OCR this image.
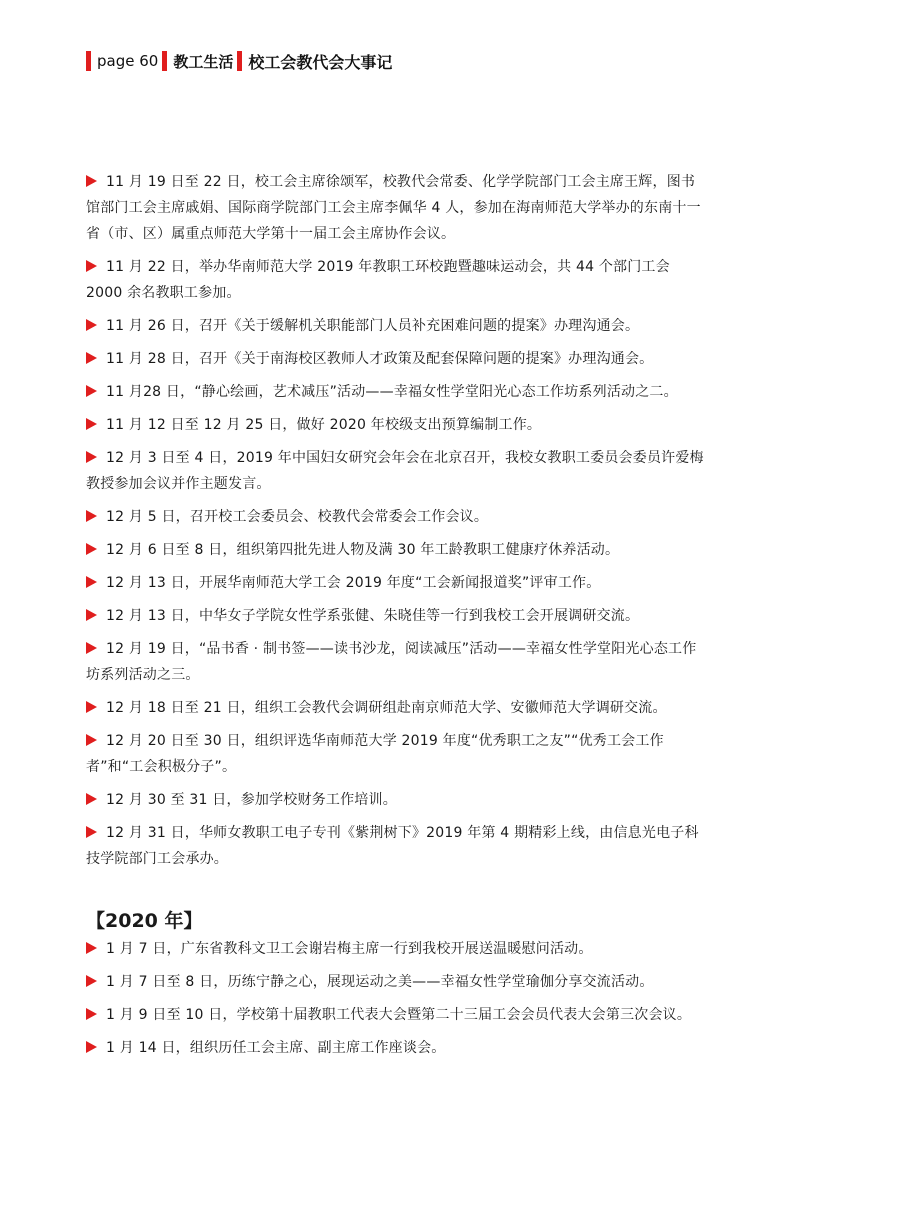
page 60 教工生活 校工会教代会大事记
11 月 19 日至 22 日，校工会主席徐颂军，校教代会常委、化学学院部门工会主席王辉，图书馆部门工会主席戚娟、国际商学院部门工会主席李佩华 4 人，参加在海南师范大学举办的东南十一省（市、区）属重点师范大学第十一届工会主席协作会议。
11 月 22 日，举办华南师范大学 2019 年教职工环校跑暨趣味运动会，共 44 个部门工会 2000 余名教职工参加。
11 月 26 日，召开《关于缓解机关职能部门人员补充困难问题的提案》办理沟通会。
11 月 28 日，召开《关于南海校区教师人才政策及配套保障问题的提案》办理沟通会。
11 月28 日，“静心绘画，艺术减压”活动——幸福女性学堂阳光心态工作坊系列活动之二。
11 月 12 日至 12 月 25 日，做好 2020 年校级支出预算编制工作。
12 月 3 日至 4 日，2019 年中国妇女研究会年会在北京召开，我校女教职工委员会委员许爱梅教授参加会议并作主题发言。
12 月 5 日，召开校工会委员会、校教代会常委会工作会议。
12 月 6 日至 8 日，组织第四批先进人物及满 30 年工龄教职工健康疗休养活动。
12 月 13 日，开展华南师范大学工会 2019 年度“工会新闻报道奖”评审工作。
12 月 13 日，中华女子学院女性学系张健、朱晓佳等一行到我校工会开展调研交流。
12 月 19 日，“品书香 · 制书签——读书沙龙，阅读减压”活动——幸福女性学堂阳光心态工作坊系列活动之三。
12 月 18 日至 21 日，组织工会教代会调研组赴南京师范大学、安徽师范大学调研交流。
12 月 20 日至 30 日，组织评选华南师范大学 2019 年度“优秀职工之友”“优秀工会工作者”和“工会积极分子”。
12 月 30 至 31 日，参加学校财务工作培训。
12 月 31 日，华师女教职工电子专刊《紫荆树下》2019 年第 4 期精彩上线，由信息光电子科技学院部门工会承办。
【2020 年】
1 月 7 日，广东省教科文卫工会谢岩梅主席一行到我校开展送温暖慰问活动。
1 月 7 日至 8 日，历练宁静之心，展现运动之美——幸福女性学堂瑜伽分享交流活动。
1 月 9 日至 10 日，学校第十届教职工代表大会暨第二十三届工会会员代表大会第三次会议。
1 月 14 日，组织历任工会主席、副主席工作座谈会。
